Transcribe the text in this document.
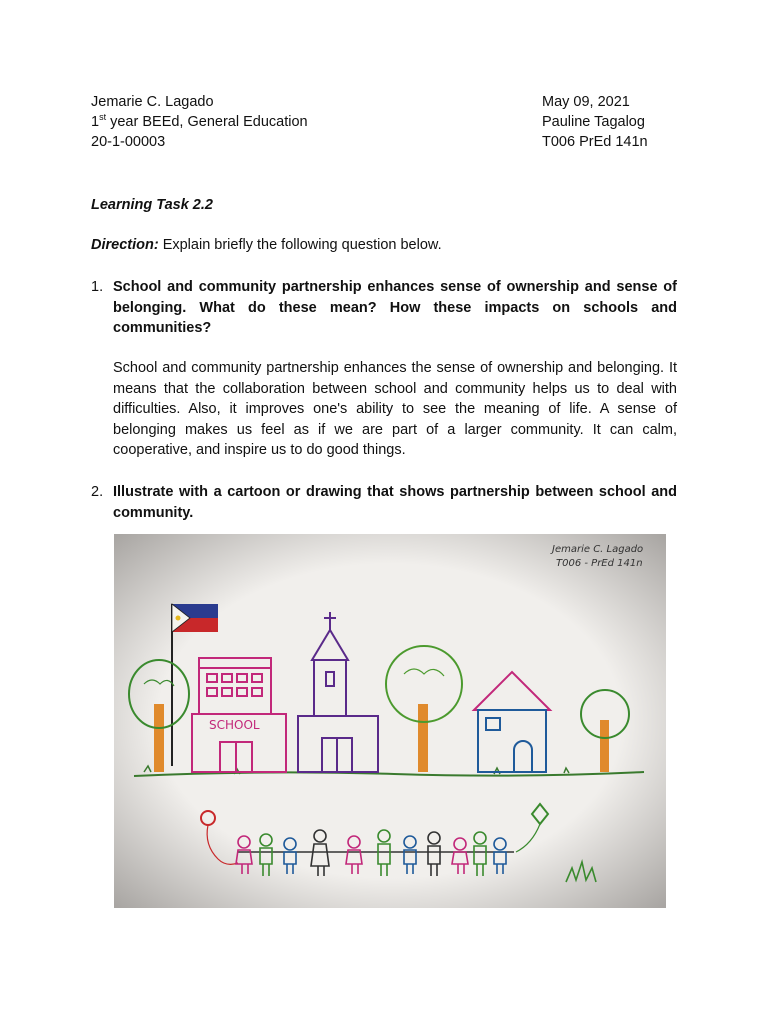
Jemarie C. Lagado
1st year BEEd, General Education
20-1-00003
May 09, 2021
Pauline Tagalog
T006 PrEd 141n
Learning Task 2.2
Direction: Explain briefly the following question below.
1. School and community partnership enhances sense of ownership and sense of belonging. What do these mean? How these impacts on schools and communities?
School and community partnership enhances the sense of ownership and belonging. It means that the collaboration between school and community helps us to deal with difficulties. Also, it improves one's ability to see the meaning of life. A sense of belonging makes us feel as if we are part of a larger community. It can calm, cooperative, and inspire us to do good things.
2. Illustrate with a cartoon or drawing that shows partnership between school and community.
Jemarie C. Lagado
T006 - PrEd 141n
SCHOOL
